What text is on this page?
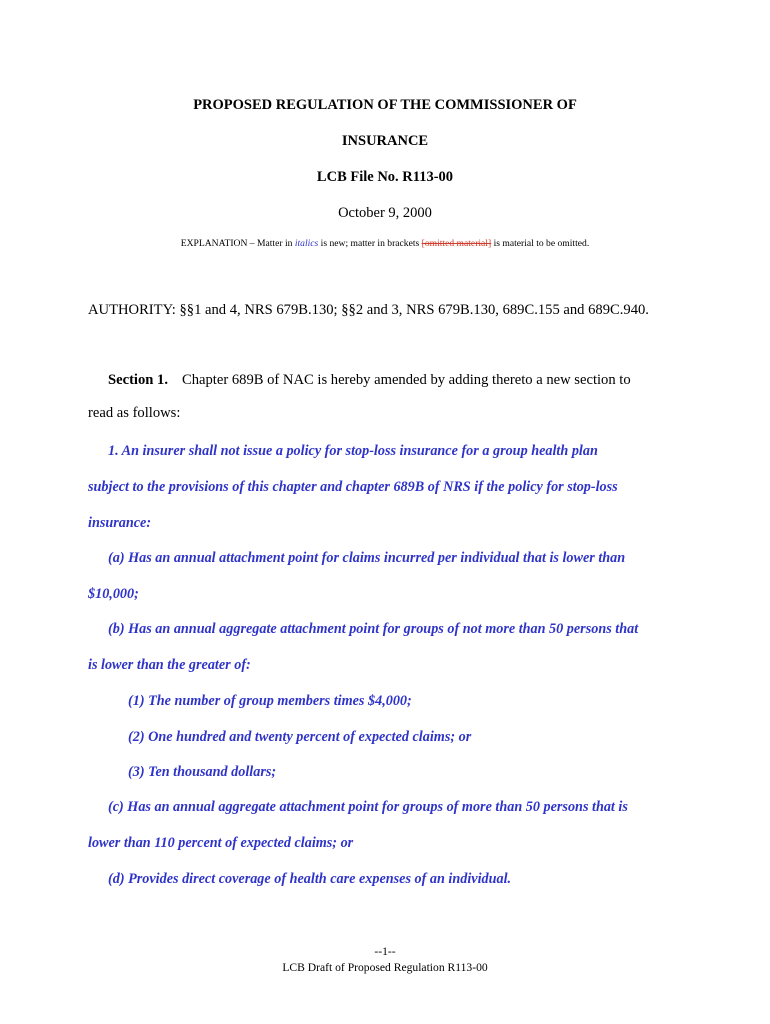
PROPOSED REGULATION OF THE COMMISSIONER OF
INSURANCE
LCB File No. R113-00
October 9, 2000
EXPLANATION – Matter in italics is new; matter in brackets [omitted material] is material to be omitted.
AUTHORITY: §§1 and 4, NRS 679B.130; §§2 and 3, NRS 679B.130, 689C.155 and 689C.940.
Section 1. Chapter 689B of NAC is hereby amended by adding thereto a new section to
read as follows:
1. An insurer shall not issue a policy for stop-loss insurance for a group health plan
subject to the provisions of this chapter and chapter 689B of NRS if the policy for stop-loss
insurance:
(a) Has an annual attachment point for claims incurred per individual that is lower than
$10,000;
(b) Has an annual aggregate attachment point for groups of not more than 50 persons that
is lower than the greater of:
(1) The number of group members times $4,000;
(2) One hundred and twenty percent of expected claims; or
(3) Ten thousand dollars;
(c) Has an annual aggregate attachment point for groups of more than 50 persons that is
lower than 110 percent of expected claims; or
(d) Provides direct coverage of health care expenses of an individual.
--1--
LCB Draft of Proposed Regulation R113-00
